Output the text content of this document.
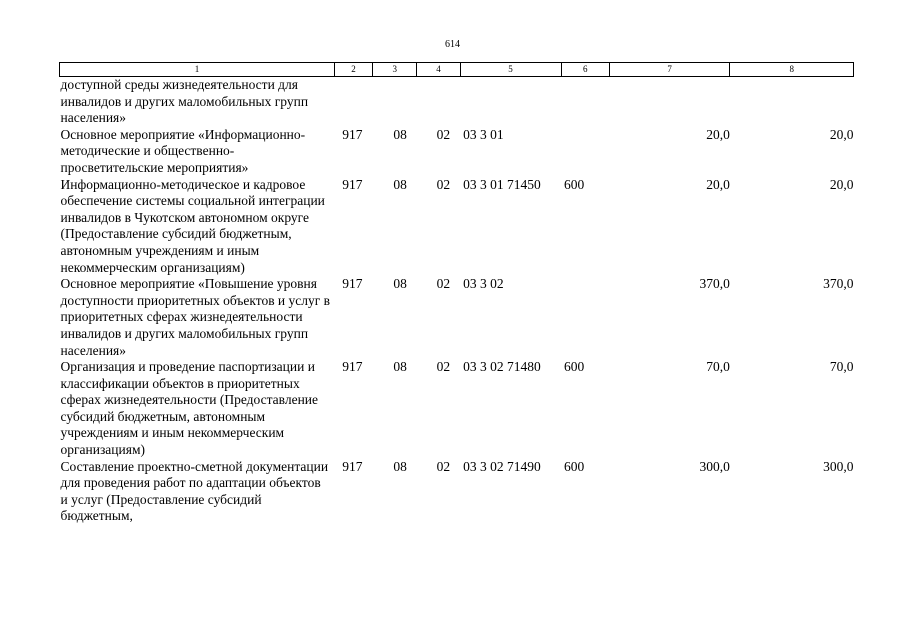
614
1	2	3	4	5	6	7	8
доступной среды жизнедеятельности для инвалидов и других маломобильных групп населения»							
Основное мероприятие «Информационно-методические и общественно-просветительские мероприятия»	917	08	02	03 3 01		20,0	20,0
Информационно-методическое и кадровое обеспечение системы социальной интеграции инвалидов в Чукотском автономном округе (Предоставление субсидий бюджетным, автономным учреждениям и иным некоммерческим организациям)	917	08	02	03 3 01 71450	600	20,0	20,0
Основное мероприятие «Повышение уровня доступности приоритетных объектов и услуг в приоритетных сферах жизнедеятельности инвалидов и других маломобильных групп населения»	917	08	02	03 3 02		370,0	370,0
Организация и проведение паспортизации и классификации объектов в приоритетных сферах жизнедеятельности (Предоставление субсидий бюджетным, автономным учреждениям и иным некоммерческим организациям)	917	08	02	03 3 02 71480	600	70,0	70,0
Составление проектно-сметной документации для проведения работ по адаптации объектов и услуг (Предоставление субсидий бюджетным,	917	08	02	03 3 02 71490	600	300,0	300,0
